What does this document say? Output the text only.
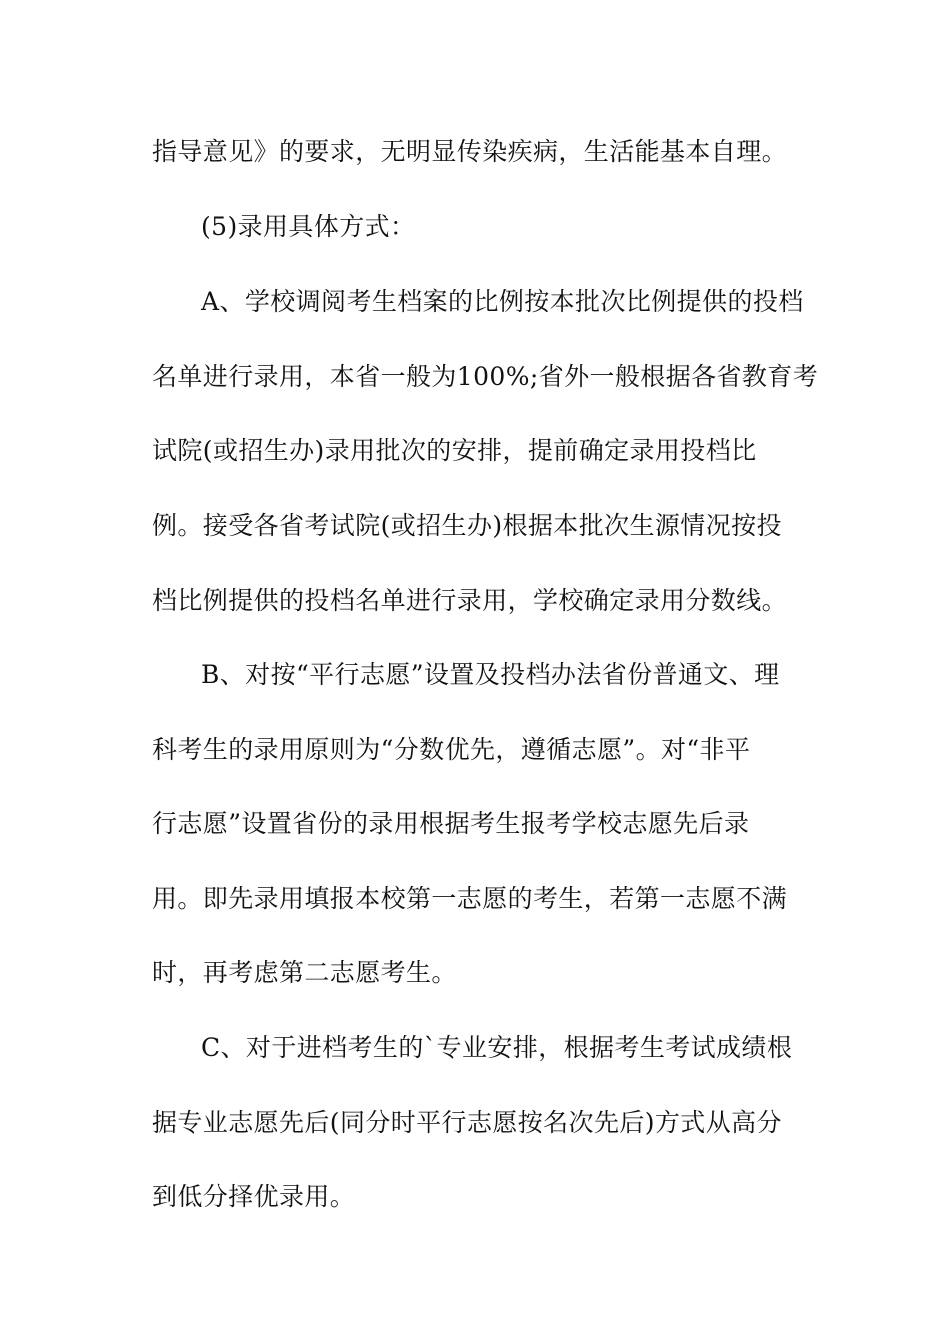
指导意见》的要求，无明显传染疾病，生活能基本自理。
(5)录用具体方式：
A、学校调阅考生档案的比例按本批次比例提供的投档
名单进行录用，本省一般为100%;省外一般根据各省教育考
试院(或招生办)录用批次的安排，提前确定录用投档比
例。接受各省考试院(或招生办)根据本批次生源情况按投
档比例提供的投档名单进行录用，学校确定录用分数线。
B、对按“平行志愿”设置及投档办法省份普通文、理
科考生的录用原则为“分数优先，遵循志愿”。对“非平
行志愿”设置省份的录用根据考生报考学校志愿先后录
用。即先录用填报本校第一志愿的考生，若第一志愿不满
时，再考虑第二志愿考生。
C、对于进档考生的`专业安排，根据考生考试成绩根
据专业志愿先后(同分时平行志愿按名次先后)方式从高分
到低分择优录用。
